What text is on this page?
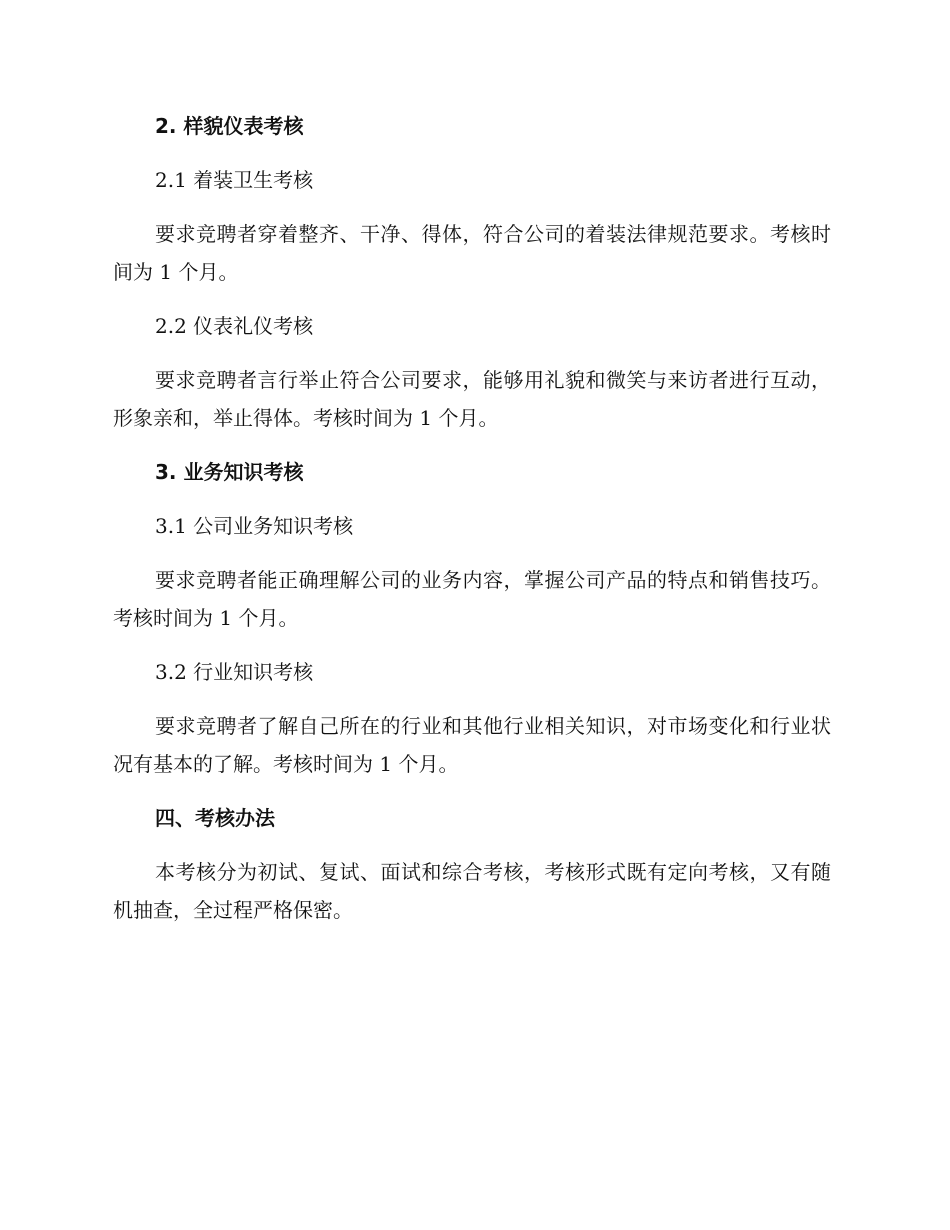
2. 样貌仪表考核
2.1 着装卫生考核

要求竞聘者穿着整齐、干净、得体，符合公司的着装法律规范要求。考核时间为 1 个月。

2.2 仪表礼仪考核

要求竞聘者言行举止符合公司要求，能够用礼貌和微笑与来访者进行互动，形象亲和，举止得体。考核时间为 1 个月。

3. 业务知识考核
3.1 公司业务知识考核

要求竞聘者能正确理解公司的业务内容，掌握公司产品的特点和销售技巧。考核时间为 1 个月。

3.2 行业知识考核

要求竞聘者了解自己所在的行业和其他行业相关知识，对市场变化和行业状况有基本的了解。考核时间为 1 个月。

四、考核办法

本考核分为初试、复试、面试和综合考核，考核形式既有定向考核，又有随机抽查，全过程严格保密。
